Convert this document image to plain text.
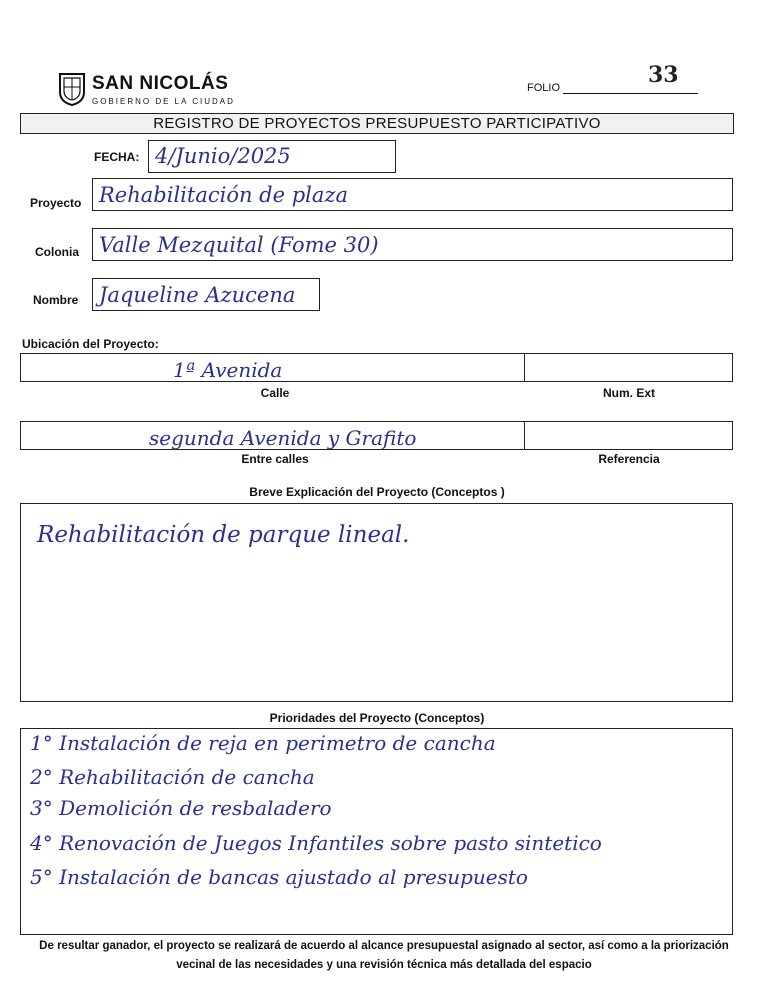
SAN NICOLÁS
GOBIERNO DE LA CIUDAD
FOLIO	33
REGISTRO DE PROYECTOS PRESUPUESTO PARTICIPATIVO
FECHA: 4/Junio/2025
Proyecto Rehabilitación de plaza
Colonia Valle Mezquital (Fome 30)
Nombre Jaqueline Azucena
Ubicación del Proyecto:
1ª Avenida
Calle	Num. Ext
segunda Avenida y Grafito
Entre calles	Referencia
Breve Explicación del Proyecto (Conceptos )
Rehabilitación de parque lineal.
Prioridades del Proyecto (Conceptos)
1° Instalación de reja en perimetro de cancha
2° Rehabilitación de cancha
3° Demolición de resbaladero
4° Renovación de Juegos Infantiles sobre pasto sintetico
5° Instalación de bancas ajustado al presupuesto
De resultar ganador, el proyecto se realizará de acuerdo al alcance presupuestal asignado al sector, así como a la priorización vecinal de las necesidades y una revisión técnica más detallada del espacio
